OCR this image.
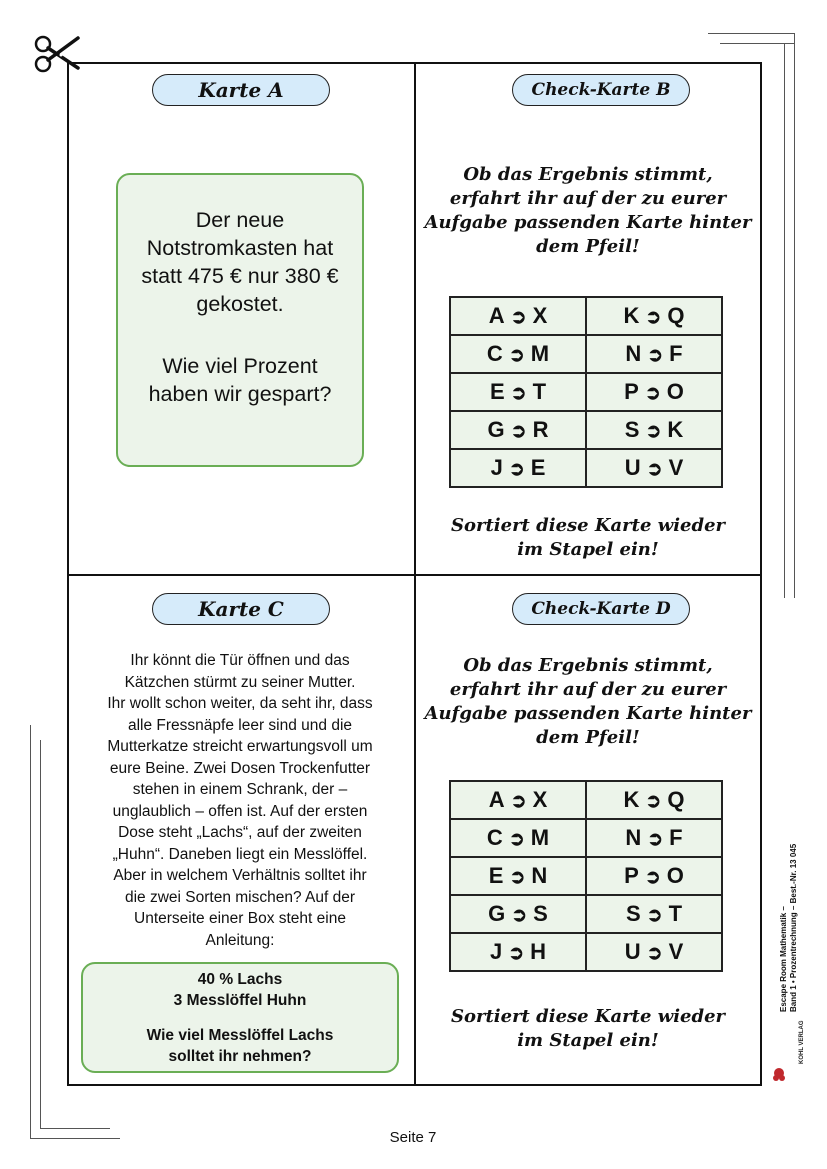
Karte A
Der neue
Notstromkasten hat
statt 475 € nur 380 €
gekostet.
Wie viel Prozent
haben wir gespart?
Check-Karte B
Ob das Ergebnis stimmt,
erfahrt ihr auf der zu eurer
Aufgabe passenden Karte hinter
dem Pfeil!
A ➲ X	K ➲ Q
C ➲ M	N ➲ F
E ➲ T	P ➲ O
G ➲ R	S ➲ K
J ➲ E	U ➲ V
Sortiert diese Karte wieder
im Stapel ein!
Karte C
Ihr könnt die Tür öffnen und das
Kätzchen stürmt zu seiner Mutter.
Ihr wollt schon weiter, da seht ihr, dass
alle Fressnäpfe leer sind und die
Mutterkatze streicht erwartungsvoll um
eure Beine. Zwei Dosen Trockenfutter
stehen in einem Schrank, der –
unglaublich – offen ist. Auf der ersten
Dose steht „Lachs“, auf der zweiten
„Huhn“. Daneben liegt ein Messlöffel.
Aber in welchem Verhältnis solltet ihr
die zwei Sorten mischen? Auf der
Unterseite einer Box steht eine
Anleitung:
40 % Lachs
3 Messlöffel Huhn
Wie viel Messlöffel Lachs
solltet ihr nehmen?
Check-Karte D
Ob das Ergebnis stimmt,
erfahrt ihr auf der zu eurer
Aufgabe passenden Karte hinter
dem Pfeil!
A ➲ X	K ➲ Q
C ➲ M	N ➲ F
E ➲ N	P ➲ O
G ➲ S	S ➲ T
J ➲ H	U ➲ V
Sortiert diese Karte wieder
im Stapel ein!
Escape Room Mathematik – Band 1 • Prozentrechnung – Best.-Nr. 13 045
KOHL VERLAG
Seite 7
